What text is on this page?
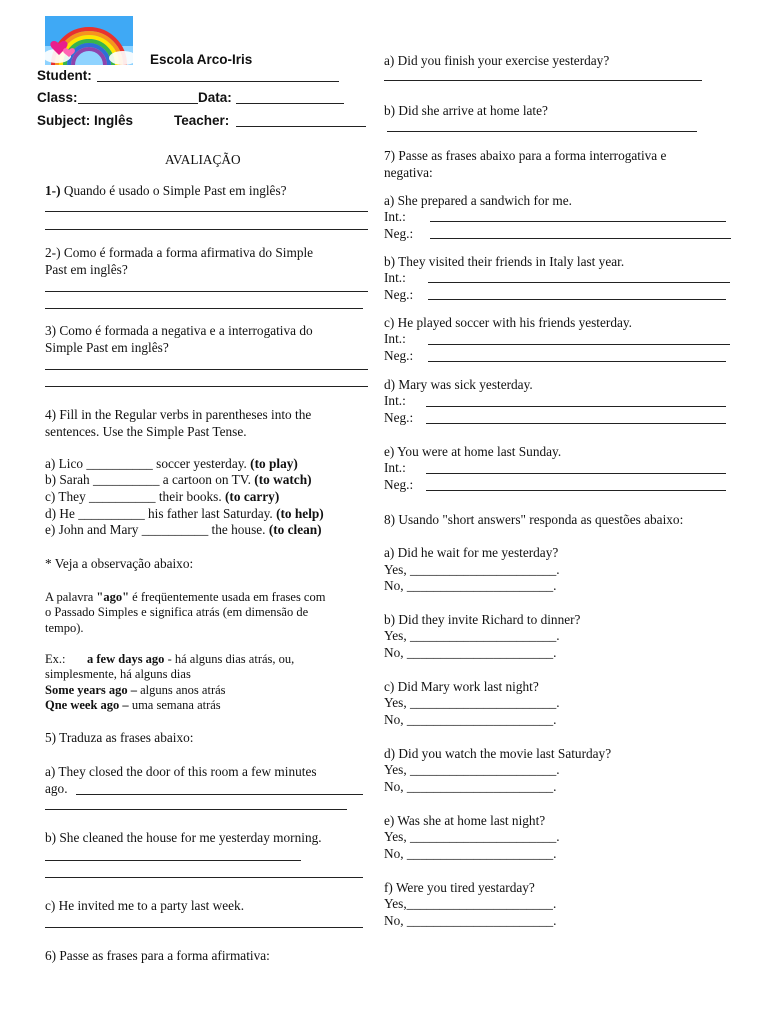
Escola Arco-Iris
Student:
Class:	Data:
Subject: Inglês	Teacher:
AVALIAÇÃO
1-) Quando é usado o Simple Past em inglês?
2-) Como é formada a forma afirmativa do Simple
Past em inglês?
3) Como é formada a negativa e a interrogativa do
Simple Past em inglês?
4) Fill in the Regular verbs in parentheses into the
sentences. Use the Simple Past Tense.
a) Lico __________ soccer yesterday. (to play)
b) Sarah __________ a cartoon on TV. (to watch)
c) They __________ their books. (to carry)
d) He __________ his father last Saturday. (to help)
e) John and Mary __________ the house. (to clean)
* Veja a observação abaixo:
A palavra "ago" é freqüentemente usada em frases com
o Passado Simples e significa atrás (em dimensão de
tempo).
Ex.: a few days ago - há alguns dias atrás, ou,
simplesmente, há alguns dias
Some years ago – alguns anos atrás
Qne week ago – uma semana atrás
5) Traduza as frases abaixo:
a) They closed the door of this room a few minutes
ago.
b) She cleaned the house for me yesterday morning.
c) He invited me to a party last week.
6) Passe as frases para a forma afirmativa:
a) Did you finish your exercise yesterday?
b) Did she arrive at home late?
7) Passe as frases abaixo para a forma interrogativa e
negativa:
a) She prepared a sandwich for me.
Int.:
Neg.:
b) They visited their friends in Italy last year.
Int.:
Neg.:
c) He played soccer with his friends yesterday.
Int.:
Neg.:
d) Mary was sick yesterday.
Int.:
Neg.:
e) You were at home last Sunday.
Int.:
Neg.:
8) Usando "short answers" responda as questões abaixo:
a) Did he wait for me yesterday?
Yes, ______________________.
No, ______________________.
b) Did they invite Richard to dinner?
Yes, ______________________.
No, ______________________.
c) Did Mary work last night?
Yes, ______________________.
No, ______________________.
d) Did you watch the movie last Saturday?
Yes, ______________________.
No, ______________________.
e) Was she at home last night?
Yes, ______________________.
No, ______________________.
f) Were you tired yestarday?
Yes,______________________.
No, ______________________.
